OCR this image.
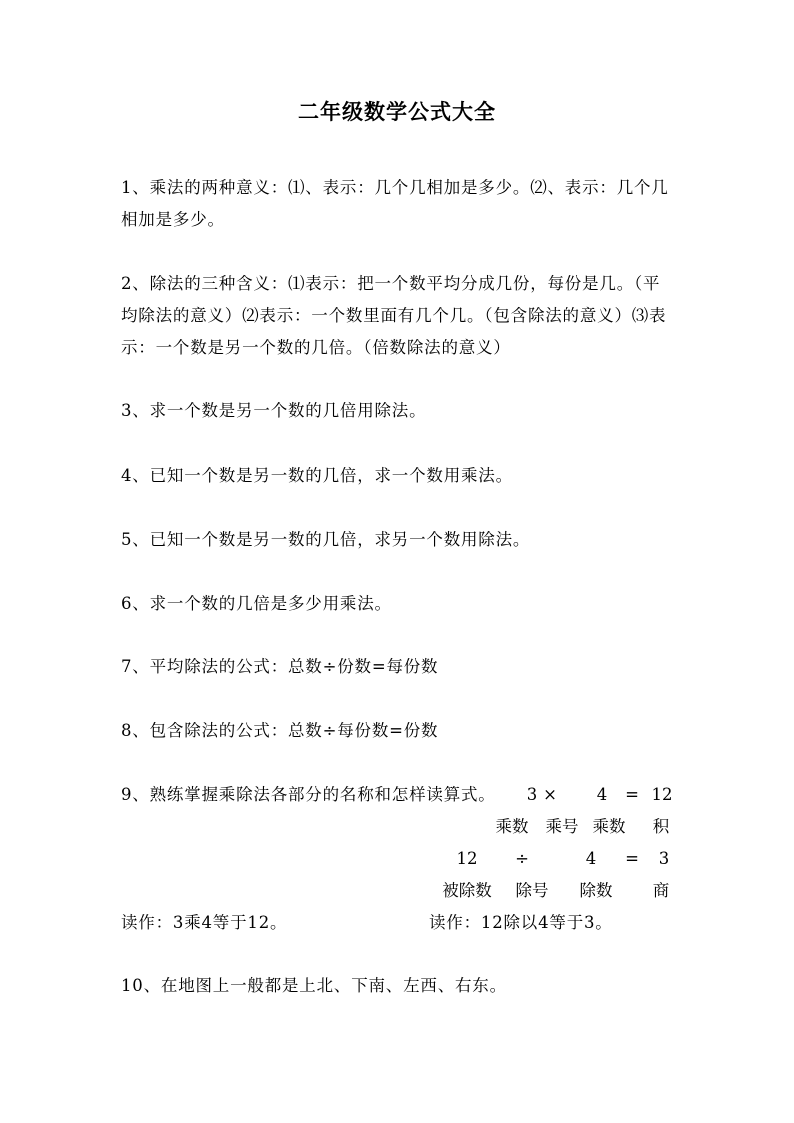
二年级数学公式大全
1、乘法的两种意义：⑴、表示：几个几相加是多少。⑵、表示：几个几相加是多少。
2、除法的三种含义：⑴表示：把一个数平均分成几份，每份是几。（平均除法的意义）⑵表示：一个数里面有几个几。（包含除法的意义）⑶表示：一个数是另一个数的几倍。（倍数除法的意义）
3、求一个数是另一个数的几倍用除法。
4、已知一个数是另一数的几倍，求一个数用乘法。
5、已知一个数是另一数的几倍，求另一个数用除法。
6、求一个数的几倍是多少用乘法。
7、平均除法的公式：总数÷份数=每份数
8、包含除法的公式：总数÷每份数=份数
9、熟练掌握乘除法各部分的名称和怎样读算式。	3 ×	4	= 12
乘数	乘号 乘数	积
12	÷	4	=	3
被除数	除号	除数	商
读作：3乘4等于12。	读作：12除以4等于3。
10、在地图上一般都是上北、下南、左西、右东。
